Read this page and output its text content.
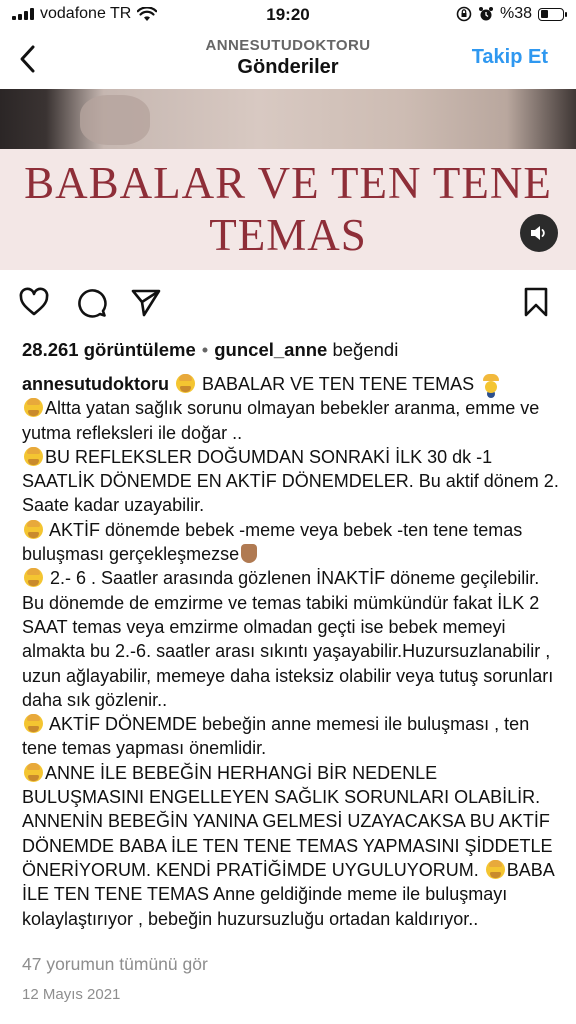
vodafone TR	19:20	%38
ANNESUTUDOKTORU
Gönderiler	Takip Et
BABALAR VE TEN TENE
TEMAS
28.261 görüntüleme • guncel_anne beğendi
annesutudoktoru BABALAR VE TEN TENE TEMAS
Altta yatan sağlık sorunu olmayan bebekler aranma, emme ve yutma refleksleri ile doğar ..
BU REFLEKSLER DOĞUMDAN SONRAKİ İLK 30 dk -1 SAATLİK DÖNEMDE EN AKTİF DÖNEMDELER. Bu aktif dönem 2. Saate kadar uzayabilir.
AKTİF dönemde bebek -meme veya bebek -ten tene temas buluşması gerçekleşmezse
2.- 6 . Saatler arasında gözlenen İNAKTİF döneme geçilebilir. Bu dönemde de emzirme ve temas tabiki mümkündür fakat İLK 2 SAAT temas veya emzirme olmadan geçti ise bebek memeyi almakta bu 2.-6. saatler arası sıkıntı yaşayabilir.Huzursuzlanabilir , uzun ağlayabilir, memeye daha isteksiz olabilir veya tutuş sorunları daha sık gözlenir..
AKTİF DÖNEMDE bebeğin anne memesi ile buluşması , ten tene temas yapması önemlidir.
ANNE İLE BEBEĞİN HERHANGİ BİR NEDENLE BULUŞMASINI ENGELLEYEN SAĞLIK SORUNLARI OLABİLİR. ANNENİN BEBEĞİN YANINA GELMESİ UZAYACAKSA BU AKTİF DÖNEMDE BABA İLE TEN TENE TEMAS YAPMASINI ŞİDDETLE ÖNERİYORUM. KENDİ PRATİĞİMDE UYGULUYORUM. BABA İLE TEN TENE TEMAS Anne geldiğinde meme ile buluşmayı kolaylaştırıyor , bebeğin huzursuzluğu ortadan kaldırıyor..
47 yorumun tümünü gör
12 Mayıs 2021
